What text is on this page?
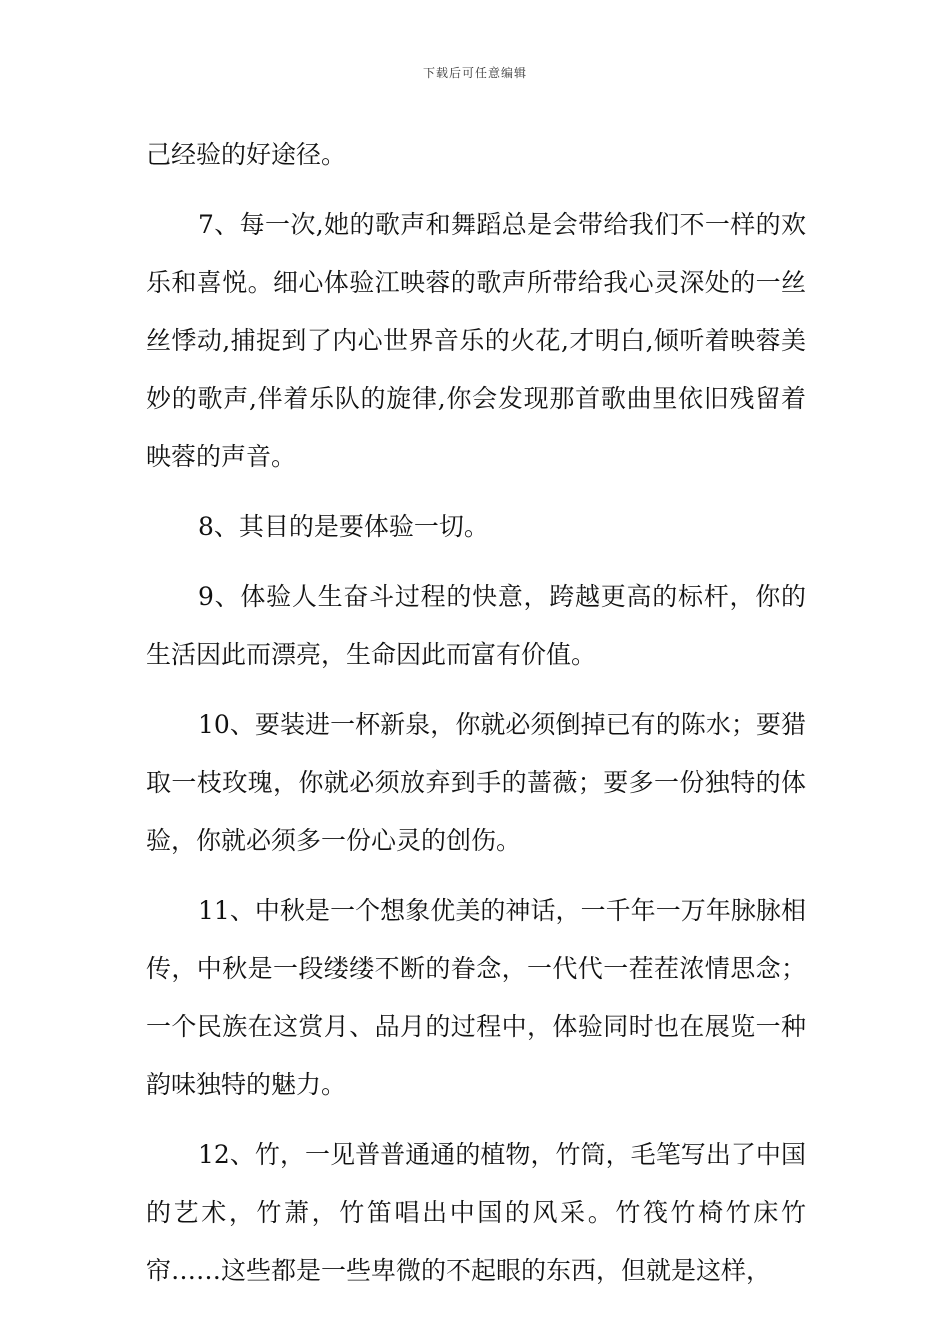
下载后可任意编辑

己经验的好途径。

7、每一次,她的歌声和舞蹈总是会带给我们不一样的欢乐和喜悦。细心体验江映蓉的歌声所带给我心灵深处的一丝丝悸动,捕捉到了内心世界音乐的火花,才明白,倾听着映蓉美妙的歌声,伴着乐队的旋律,你会发现那首歌曲里依旧残留着映蓉的声音。

8、其目的是要体验一切。

9、体验人生奋斗过程的快意，跨越更高的标杆，你的生活因此而漂亮，生命因此而富有价值。

10、要装进一杯新泉，你就必须倒掉已有的陈水；要猎取一枝玫瑰，你就必须放弃到手的蔷薇；要多一份独特的体验，你就必须多一份心灵的创伤。

11、中秋是一个想象优美的神话，一千年一万年脉脉相传，中秋是一段缕缕不断的眷念，一代代一茬茬浓情思念；一个民族在这赏月、品月的过程中，体验同时也在展览一种韵味独特的魅力。

12、竹，一见普普通通的植物，竹筒，毛笔写出了中国的艺术，竹萧，竹笛唱出中国的风采。竹筏竹椅竹床竹帘……这些都是一些卑微的不起眼的东西，但就是这样，
